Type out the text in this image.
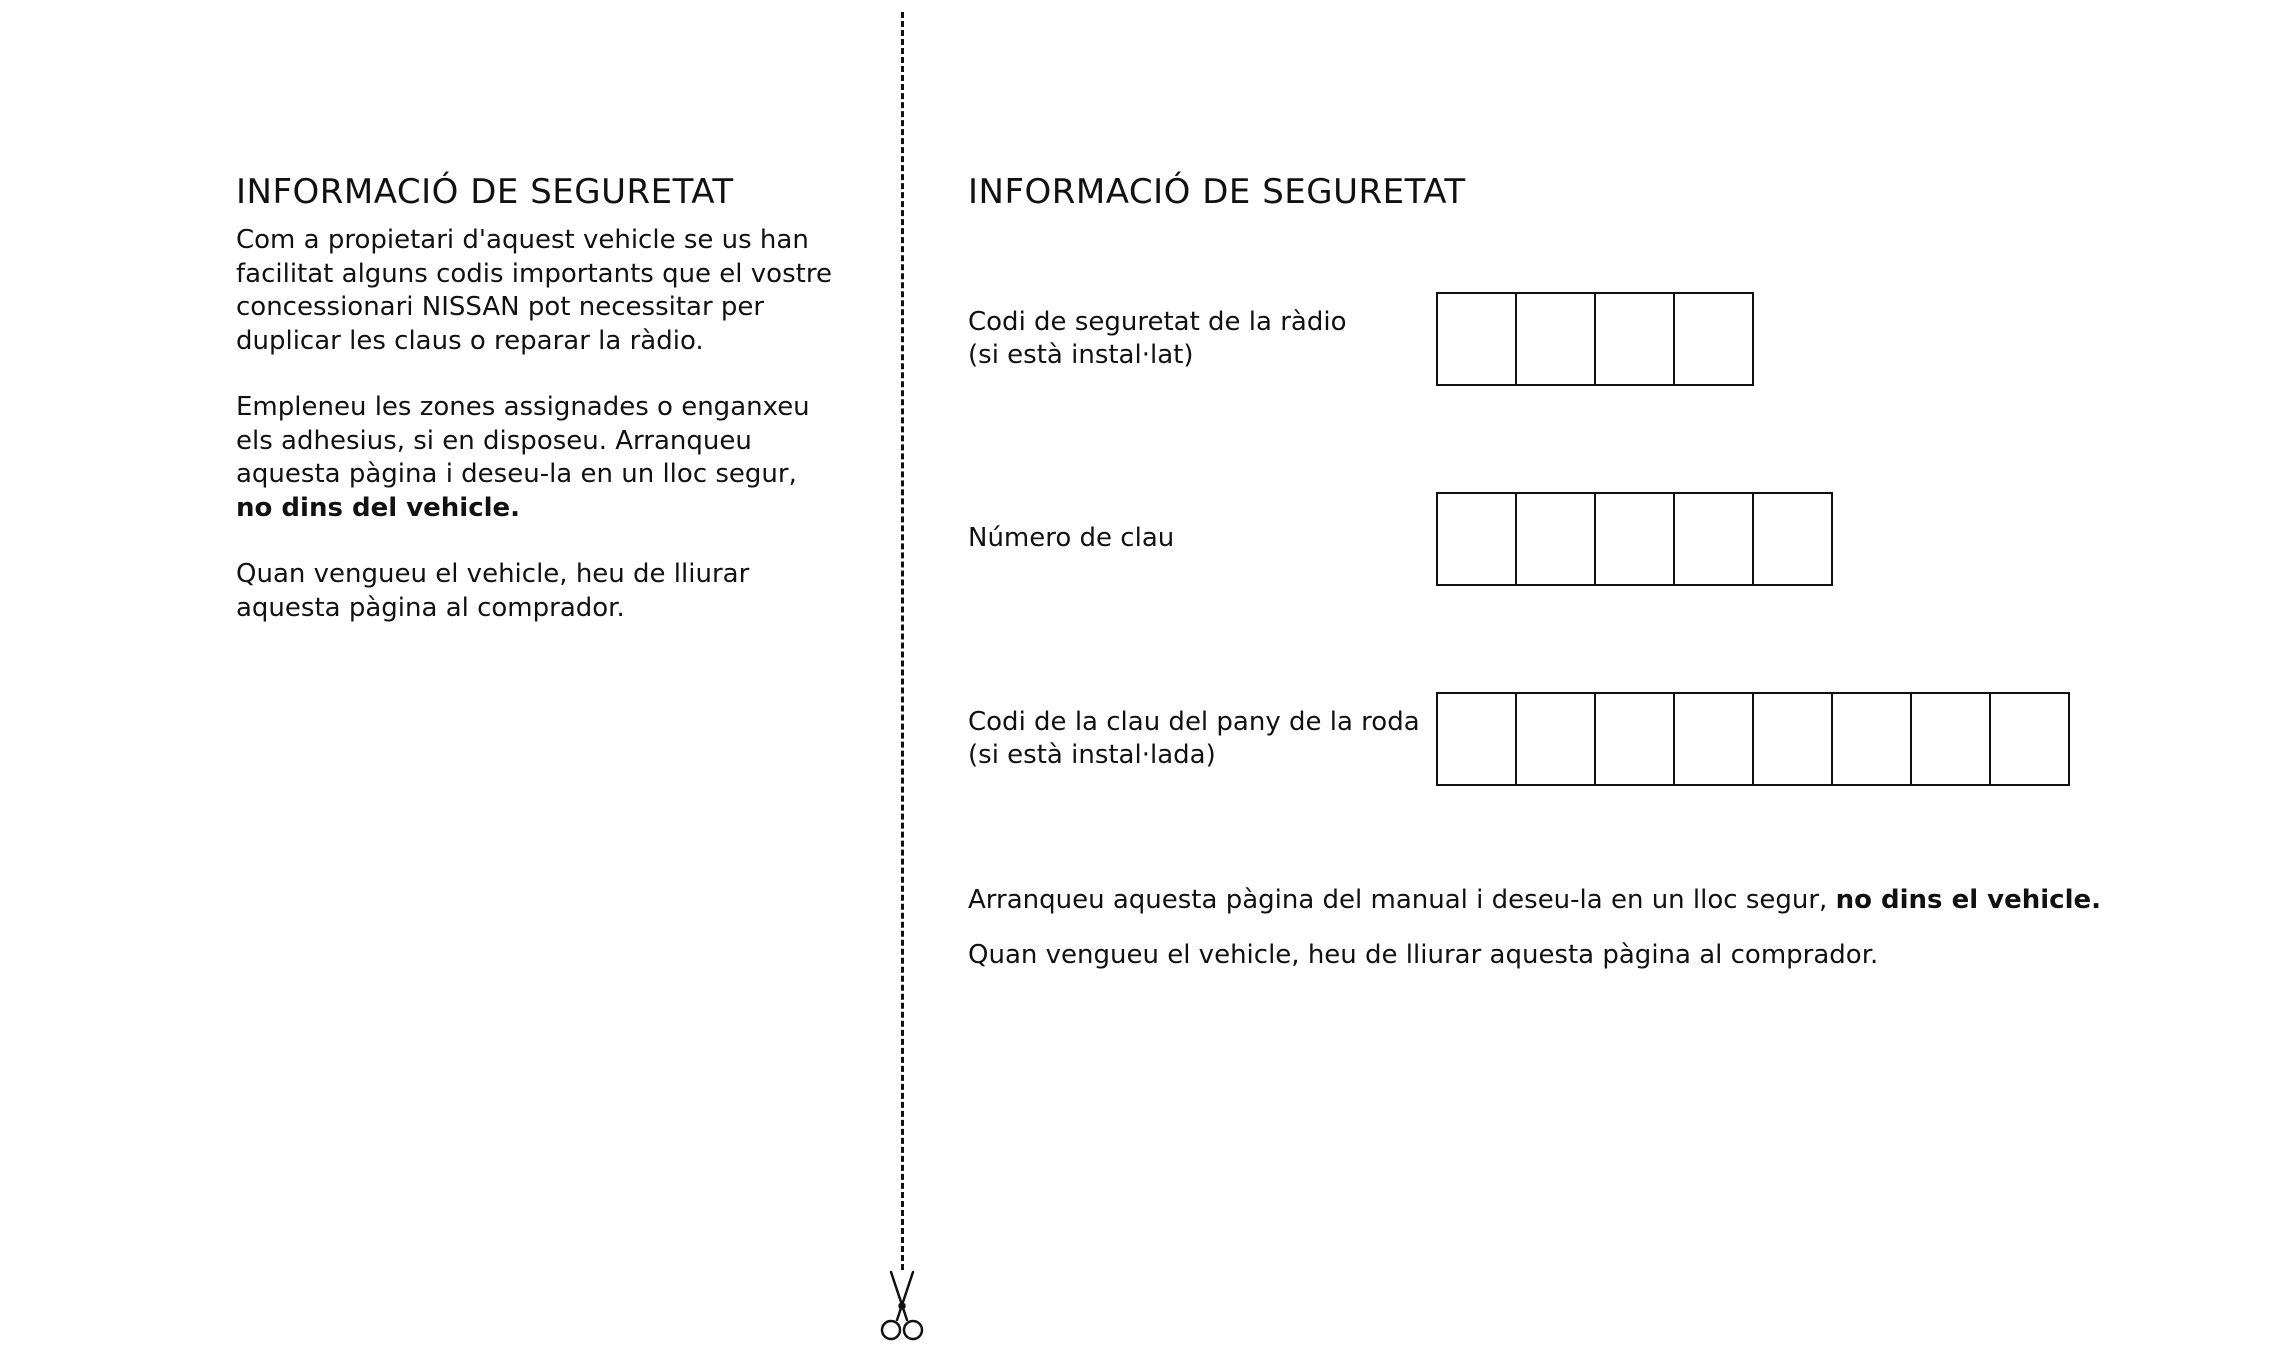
INFORMACIÓ DE SEGURETAT

Com a propietari d'aquest vehicle se us han
facilitat alguns codis importants que el vostre
concessionari NISSAN pot necessitar per
duplicar les claus o reparar la ràdio.

Empleneu les zones assignades o enganxeu
els adhesius, si en disposeu. Arranqueu
aquesta pàgina i deseu-la en un lloc segur,
no dins del vehicle.

Quan vengueu el vehicle, heu de lliurar
aquesta pàgina al comprador.

INFORMACIÓ DE SEGURETAT
Codi de seguretat de la ràdio
(si està instal·lat)
Número de clau
Codi de la clau del pany de la roda
(si està instal·lada)
Arranqueu aquesta pàgina del manual i deseu-la en un lloc segur, no dins el vehicle.
Quan vengueu el vehicle, heu de lliurar aquesta pàgina al comprador.
